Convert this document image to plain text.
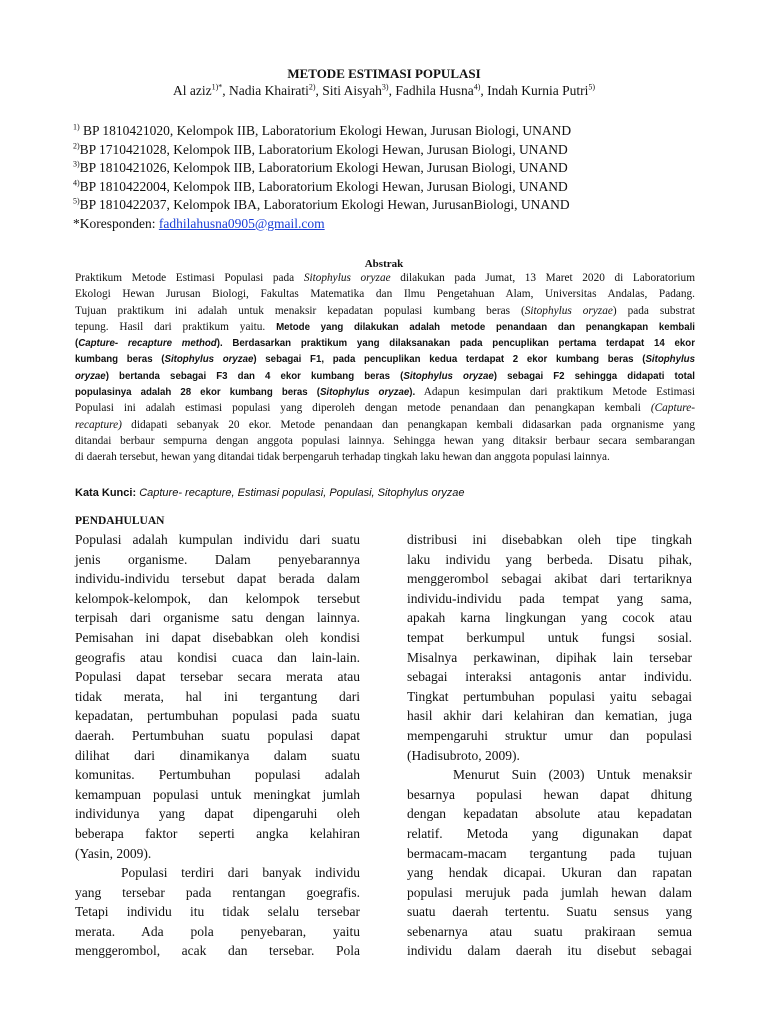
METODE ESTIMASI POPULASI
Al aziz$^{1)*}$, Nadia Khairati$^{2)}$, Siti Aisyah$^{3)}$, Fadhila Husna$^{4)}$, Indah Kurnia Putri$^{5)}$
$^{1)}$ BP 1810421020, Kelompok IIB, Laboratorium Ekologi Hewan, Jurusan Biologi, UNAND
$^{2)}$BP 1710421028, Kelompok IIB, Laboratorium Ekologi Hewan, Jurusan Biologi, UNAND
$^{3)}$BP 1810421026, Kelompok IIB, Laboratorium Ekologi Hewan, Jurusan Biologi, UNAND
$^{4)}$BP 1810422004, Kelompok IIB, Laboratorium Ekologi Hewan, Jurusan Biologi, UNAND
$^{5)}$BP 1810422037, Kelompok IBA, Laboratorium Ekologi Hewan, JurusanBiologi, UNAND
*Koresponden: fadhilahusna0905@gmail.com
Abstrak
Praktikum Metode Estimasi Populasi pada Sitophylus oryzae dilakukan pada Jumat, 13 Maret 2020 di Laboratorium
Ekologi Hewan Jurusan Biologi, Fakultas Matematika dan Ilmu Pengetahuan Alam, Universitas Andalas, Padang.
Tujuan praktikum ini adalah untuk menaksir kepadatan populasi kumbang beras (Sitophylus oryzae) pada substrat
tepung. Hasil dari praktikum yaitu. Metode yang dilakukan adalah metode penandaan dan penangkapan kembali
(Capture- recapture method). Berdasarkan praktikum yang dilaksanakan pada pencuplikan pertama terdapat 14 ekor
kumbang beras (Sitophylus oryzae) sebagai F1, pada pencuplikan kedua terdapat 2 ekor kumbang beras (Sitophylus
oryzae) bertanda sebagai F3 dan 4 ekor kumbang beras (Sitophylus oryzae) sebagai F2 sehingga didapati total
populasinya adalah 28 ekor kumbang beras (Sitophylus oryzae). Adapun kesimpulan dari praktikum Metode Estimasi
Populasi ini adalah estimasi populasi yang diperoleh dengan metode penandaan dan penangkapan kembali (Capture-
recapture) didapati sebanyak 20 ekor. Metode penandaan dan penangkapan kembali didasarkan pada orgnanisme yang
ditandai berbaur sempurna dengan anggota populasi lainnya. Sehingga hewan yang ditaksir berbaur secara sembarangan
di daerah tersebut, hewan yang ditandai tidak berpengaruh terhadap tingkah laku hewan dan anggota populasi lainnya.
Kata Kunci: Capture- recapture, Estimasi populasi, Populasi, Sitophylus oryzae
PENDAHULUAN
Populasi adalah kumpulan individu dari suatu
jenis organisme. Dalam penyebarannya
individu-individu tersebut dapat berada dalam
kelompok-kelompok, dan kelompok tersebut
terpisah dari organisme satu dengan lainnya.
Pemisahan ini dapat disebabkan oleh kondisi
geografis atau kondisi cuaca dan lain-lain.
Populasi dapat tersebar secara merata atau
tidak merata, hal ini tergantung dari
kepadatan, pertumbuhan populasi pada suatu
daerah. Pertumbuhan suatu populasi dapat
dilihat dari dinamikanya dalam suatu
komunitas. Pertumbuhan populasi adalah
kemampuan populasi untuk meningkat jumlah
individunya yang dapat dipengaruhi oleh
beberapa faktor seperti angka kelahiran
(Yasin, 2009).
Populasi terdiri dari banyak individu
yang tersebar pada rentangan goegrafis.
Tetapi individu itu tidak selalu tersebar
merata. Ada pola penyebaran, yaitu
menggerombol, acak dan tersebar. Pola
distribusi ini disebabkan oleh tipe tingkah
laku individu yang berbeda. Disatu pihak,
menggerombol sebagai akibat dari tertariknya
individu-individu pada tempat yang sama,
apakah karna lingkungan yang cocok atau
tempat berkumpul untuk fungsi sosial.
Misalnya perkawinan, dipihak lain tersebar
sebagai interaksi antagonis antar individu.
Tingkat pertumbuhan populasi yaitu sebagai
hasil akhir dari kelahiran dan kematian, juga
mempengaruhi struktur umur dan populasi
(Hadisubroto, 2009).
Menurut Suin (2003) Untuk menaksir
besarnya populasi hewan dapat dhitung
dengan kepadatan absolute atau kepadatan
relatif. Metoda yang digunakan dapat
bermacam-macam tergantung pada tujuan
yang hendak dicapai. Ukuran dan rapatan
populasi merujuk pada jumlah hewan dalam
suatu daerah tertentu. Suatu sensus yang
sebenarnya atau suatu prakiraan semua
individu dalam daerah itu disebut sebagai
